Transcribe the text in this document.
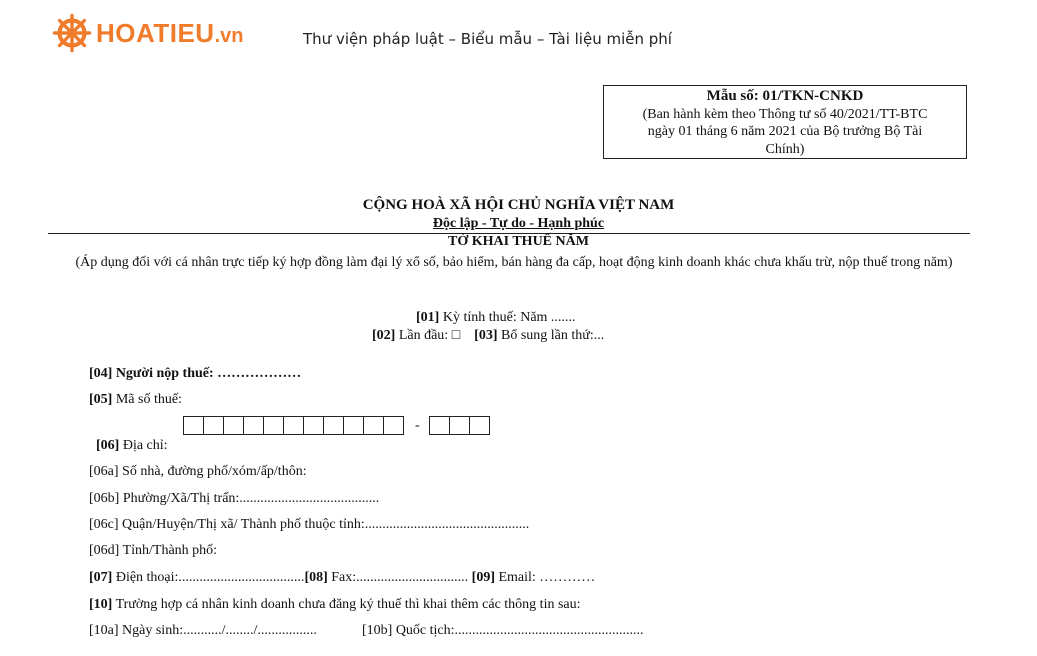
HOATIEU.vn	Thư viện pháp luật – Biểu mẫu – Tài liệu miễn phí
Mẫu số: 01/TKN-CNKD
(Ban hành kèm theo Thông tư số 40/2021/TT-BTC
ngày 01 tháng 6 năm 2021 của Bộ trưởng Bộ Tài
Chính)
CỘNG HOÀ XÃ HỘI CHỦ NGHĨA VIỆT NAM
Độc lập - Tự do - Hạnh phúc
TỜ KHAI THUẾ NĂM
(Áp dụng đối với cá nhân trực tiếp ký hợp đồng làm đại lý xổ số, bảo hiểm, bán hàng đa cấp, hoạt động kinh doanh khác chưa khấu trừ, nộp thuế trong năm)
[01] Kỳ tính thuế: Năm .......
[02] Lần đầu: □ [03] Bổ sung lần thứ:...
[04] Người nộp thuế: ………………
[05] Mã số thuế:
-
[06] Địa chỉ:
[06a] Số nhà, đường phố/xóm/ấp/thôn:
[06b] Phường/Xã/Thị trấn:........................................
[06c] Quận/Huyện/Thị xã/ Thành phố thuộc tỉnh:...............................................
[06d] Tỉnh/Thành phố:
[07] Điện thoại:....................................[08] Fax:................................ [09] Email: …………
[10] Trường hợp cá nhân kinh doanh chưa đăng ký thuế thì khai thêm các thông tin sau:
[10a] Ngày sinh:.........../......../.................	[10b] Quốc tịch:......................................................
